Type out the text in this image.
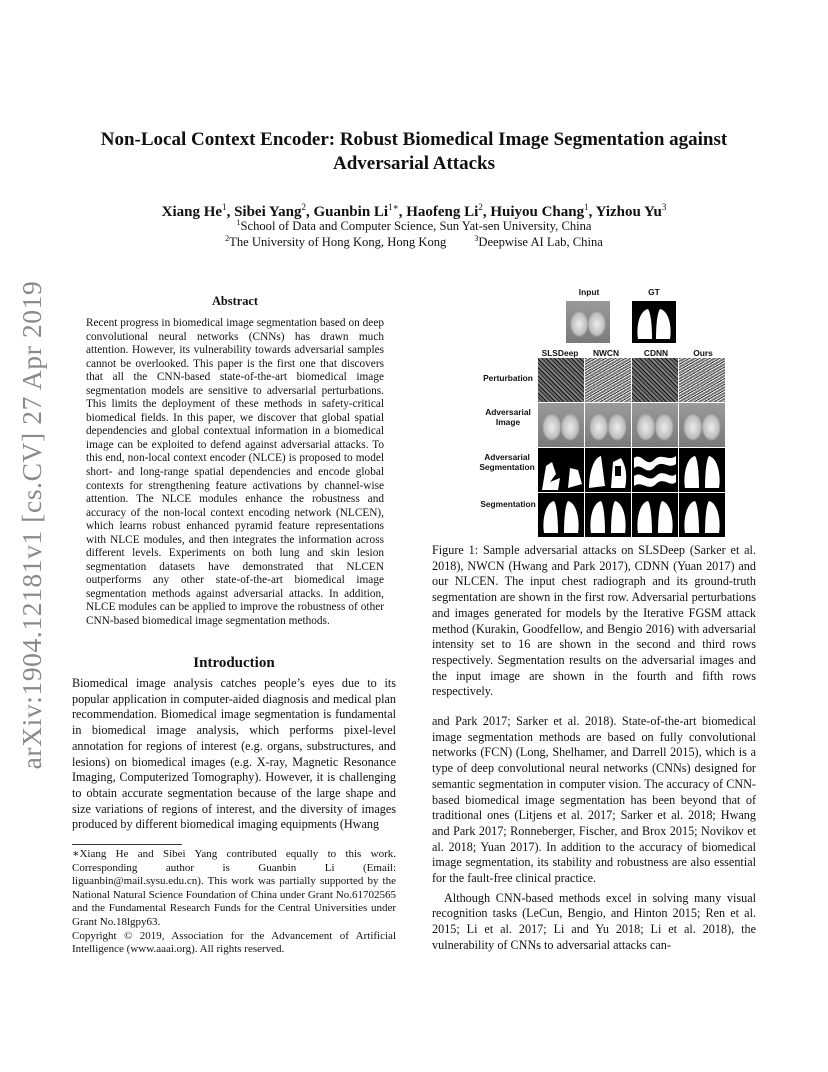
arXiv:1904.12181v1 [cs.CV] 27 Apr 2019
Non-Local Context Encoder: Robust Biomedical Image Segmentation against Adversarial Attacks
Xiang He$^1$, Sibei Yang$^2$, Guanbin $Li^{1∗}$, Haofeng Li$^2$, Huiyou Chang$^1$, Yizhou Yu$^3$
$^1$School of Data and Computer Science, Sun Yat-sen University, China
$^2$The University of Hong Kong, Hong Kong	$^3$Deepwise AI Lab, China
Abstract
Recent progress in biomedical image segmentation based on deep convolutional neural networks (CNNs) has drawn much attention. However, its vulnerability towards adversarial samples cannot be overlooked. This paper is the first one that discovers that all the CNN-based state-of-the-art biomedical image segmentation models are sensitive to adversarial perturbations. This limits the deployment of these methods in safety-critical biomedical fields. In this paper, we discover that global spatial dependencies and global contextual information in a biomedical image can be exploited to defend against adversarial attacks. To this end, non-local context encoder (NLCE) is proposed to model short- and long-range spatial dependencies and encode global contexts for strengthening feature activations by channel-wise attention. The NLCE modules enhance the robustness and accuracy of the non-local context encoding network (NLCEN), which learns robust enhanced pyramid feature representations with NLCE modules, and then integrates the information across different levels. Experiments on both lung and skin lesion segmentation datasets have demonstrated that NLCEN outperforms any other state-of-the-art biomedical image segmentation methods against adversarial attacks. In addition, NLCE modules can be applied to improve the robustness of other CNN-based biomedical image segmentation methods.
Introduction
Biomedical image analysis catches people’s eyes due to its popular application in computer-aided diagnosis and medical plan recommendation. Biomedical image segmentation is fundamental in biomedical image analysis, which performs pixel-level annotation for regions of interest (e.g. organs, substructures, and lesions) on biomedical images (e.g. X-ray, Magnetic Resonance Imaging, Computerized Tomography). However, it is challenging to obtain accurate segmentation because of the large shape and size variations of regions of interest, and the diversity of images produced by different biomedical imaging equipments (Hwang
∗Xiang He and Sibei Yang contributed equally to this work. Corresponding author is Guanbin Li (Email: liguanbin@mail.sysu.edu.cn). This work was partially supported by the National Natural Science Foundation of China under Grant No.61702565 and the Fundamental Research Funds for the Central Universities under Grant No.18lgpy63.
Copyright © 2019, Association for the Advancement of Artificial Intelligence (www.aaai.org). All rights reserved.
Input	GT
SLSDeep	NWCN	CDNN	Ours
Perturbation
Adversarial Image
Adversarial Segmentation
Segmentation
Figure 1: Sample adversarial attacks on SLSDeep (Sarker et al. 2018), NWCN (Hwang and Park 2017), CDNN (Yuan 2017) and our NLCEN. The input chest radiograph and its ground-truth segmentation are shown in the first row. Adversarial perturbations and images generated for models by the Iterative FGSM attack method (Kurakin, Goodfellow, and Bengio 2016) with adversarial intensity set to 16 are shown in the second and third rows respectively. Segmentation results on the adversarial images and the input image are shown in the fourth and fifth rows respectively.

and Park 2017; Sarker et al. 2018). State-of-the-art biomedical image segmentation methods are based on fully convolutional networks (FCN) (Long, Shelhamer, and Darrell 2015), which is a type of deep convolutional neural networks (CNNs) designed for semantic segmentation in computer vision. The accuracy of CNN-based biomedical image segmentation has been beyond that of traditional ones (Litjens et al. 2017; Sarker et al. 2018; Hwang and Park 2017; Ronneberger, Fischer, and Brox 2015; Novikov et al. 2018; Yuan 2017). In addition to the accuracy of biomedical image segmentation, its stability and robustness are also essential for the fault-free clinical practice.

Although CNN-based methods excel in solving many visual recognition tasks (LeCun, Bengio, and Hinton 2015; Ren et al. 2015; Li et al. 2017; Li and Yu 2018; Li et al. 2018), the vulnerability of CNNs to adversarial attacks can-
